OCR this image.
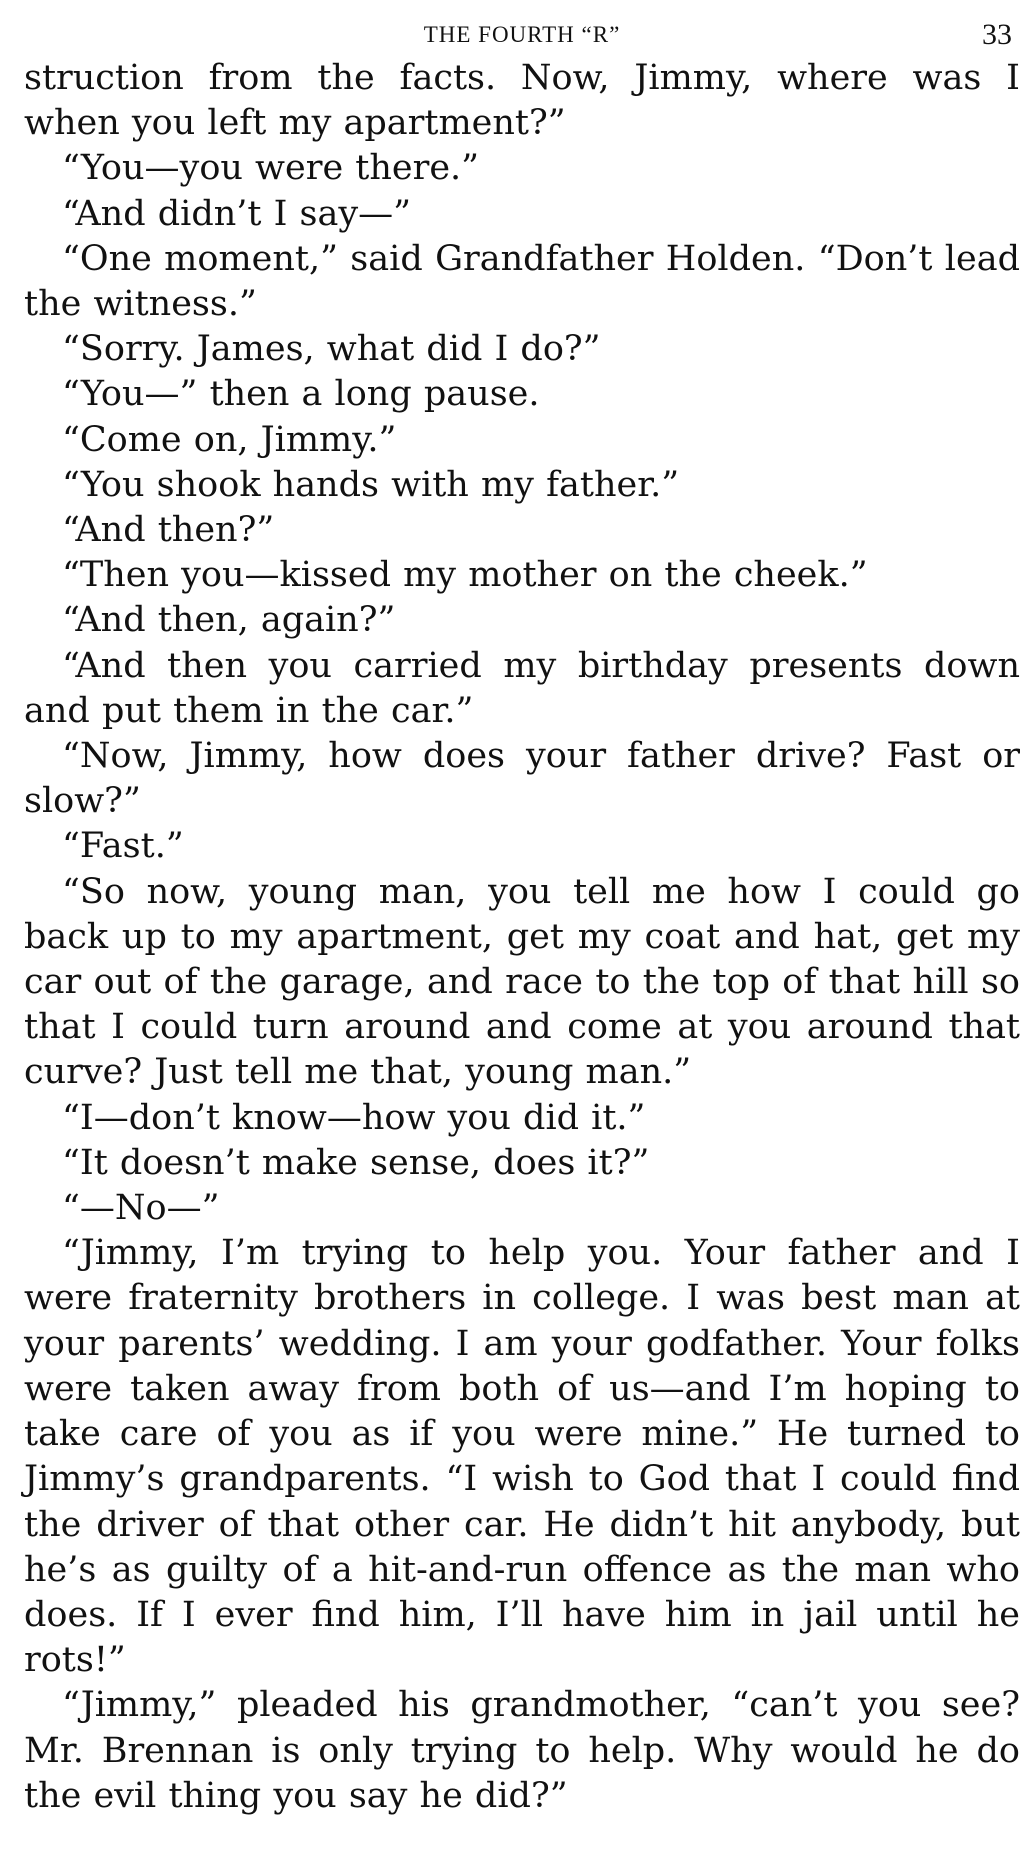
THE FOURTH “R”	33

struction from the facts. Now, Jimmy, where was I when you left my apartment?”

“You—you were there.”

“And didn’t I say—”

“One moment,” said Grandfather Holden. “Don’t lead the witness.”

“Sorry. James, what did I do?”

“You—” then a long pause.

“Come on, Jimmy.”

“You shook hands with my father.”

“And then?”

“Then you—kissed my mother on the cheek.”

“And then, again?”

“And then you carried my birthday presents down and put them in the car.”

“Now, Jimmy, how does your father drive? Fast or slow?”

“Fast.”

“So now, young man, you tell me how I could go back up to my apartment, get my coat and hat, get my car out of the garage, and race to the top of that hill so that I could turn around and come at you around that curve? Just tell me that, young man.”

“I—don’t know—how you did it.”

“It doesn’t make sense, does it?”

“—No—”

“Jimmy, I’m trying to help you. Your father and I were fraternity brothers in college. I was best man at your parents’ wedding. I am your godfather. Your folks were taken away from both of us—and I’m hoping to take care of you as if you were mine.” He turned to Jimmy’s grandparents. “I wish to God that I could find the driver of that other car. He didn’t hit anybody, but he’s as guilty of a hit-and-run offence as the man who does. If I ever find him, I’ll have him in jail until he rots!”

“Jimmy,” pleaded his grandmother, “can’t you see? Mr. Brennan is only trying to help. Why would he do the evil thing you say he did?”
